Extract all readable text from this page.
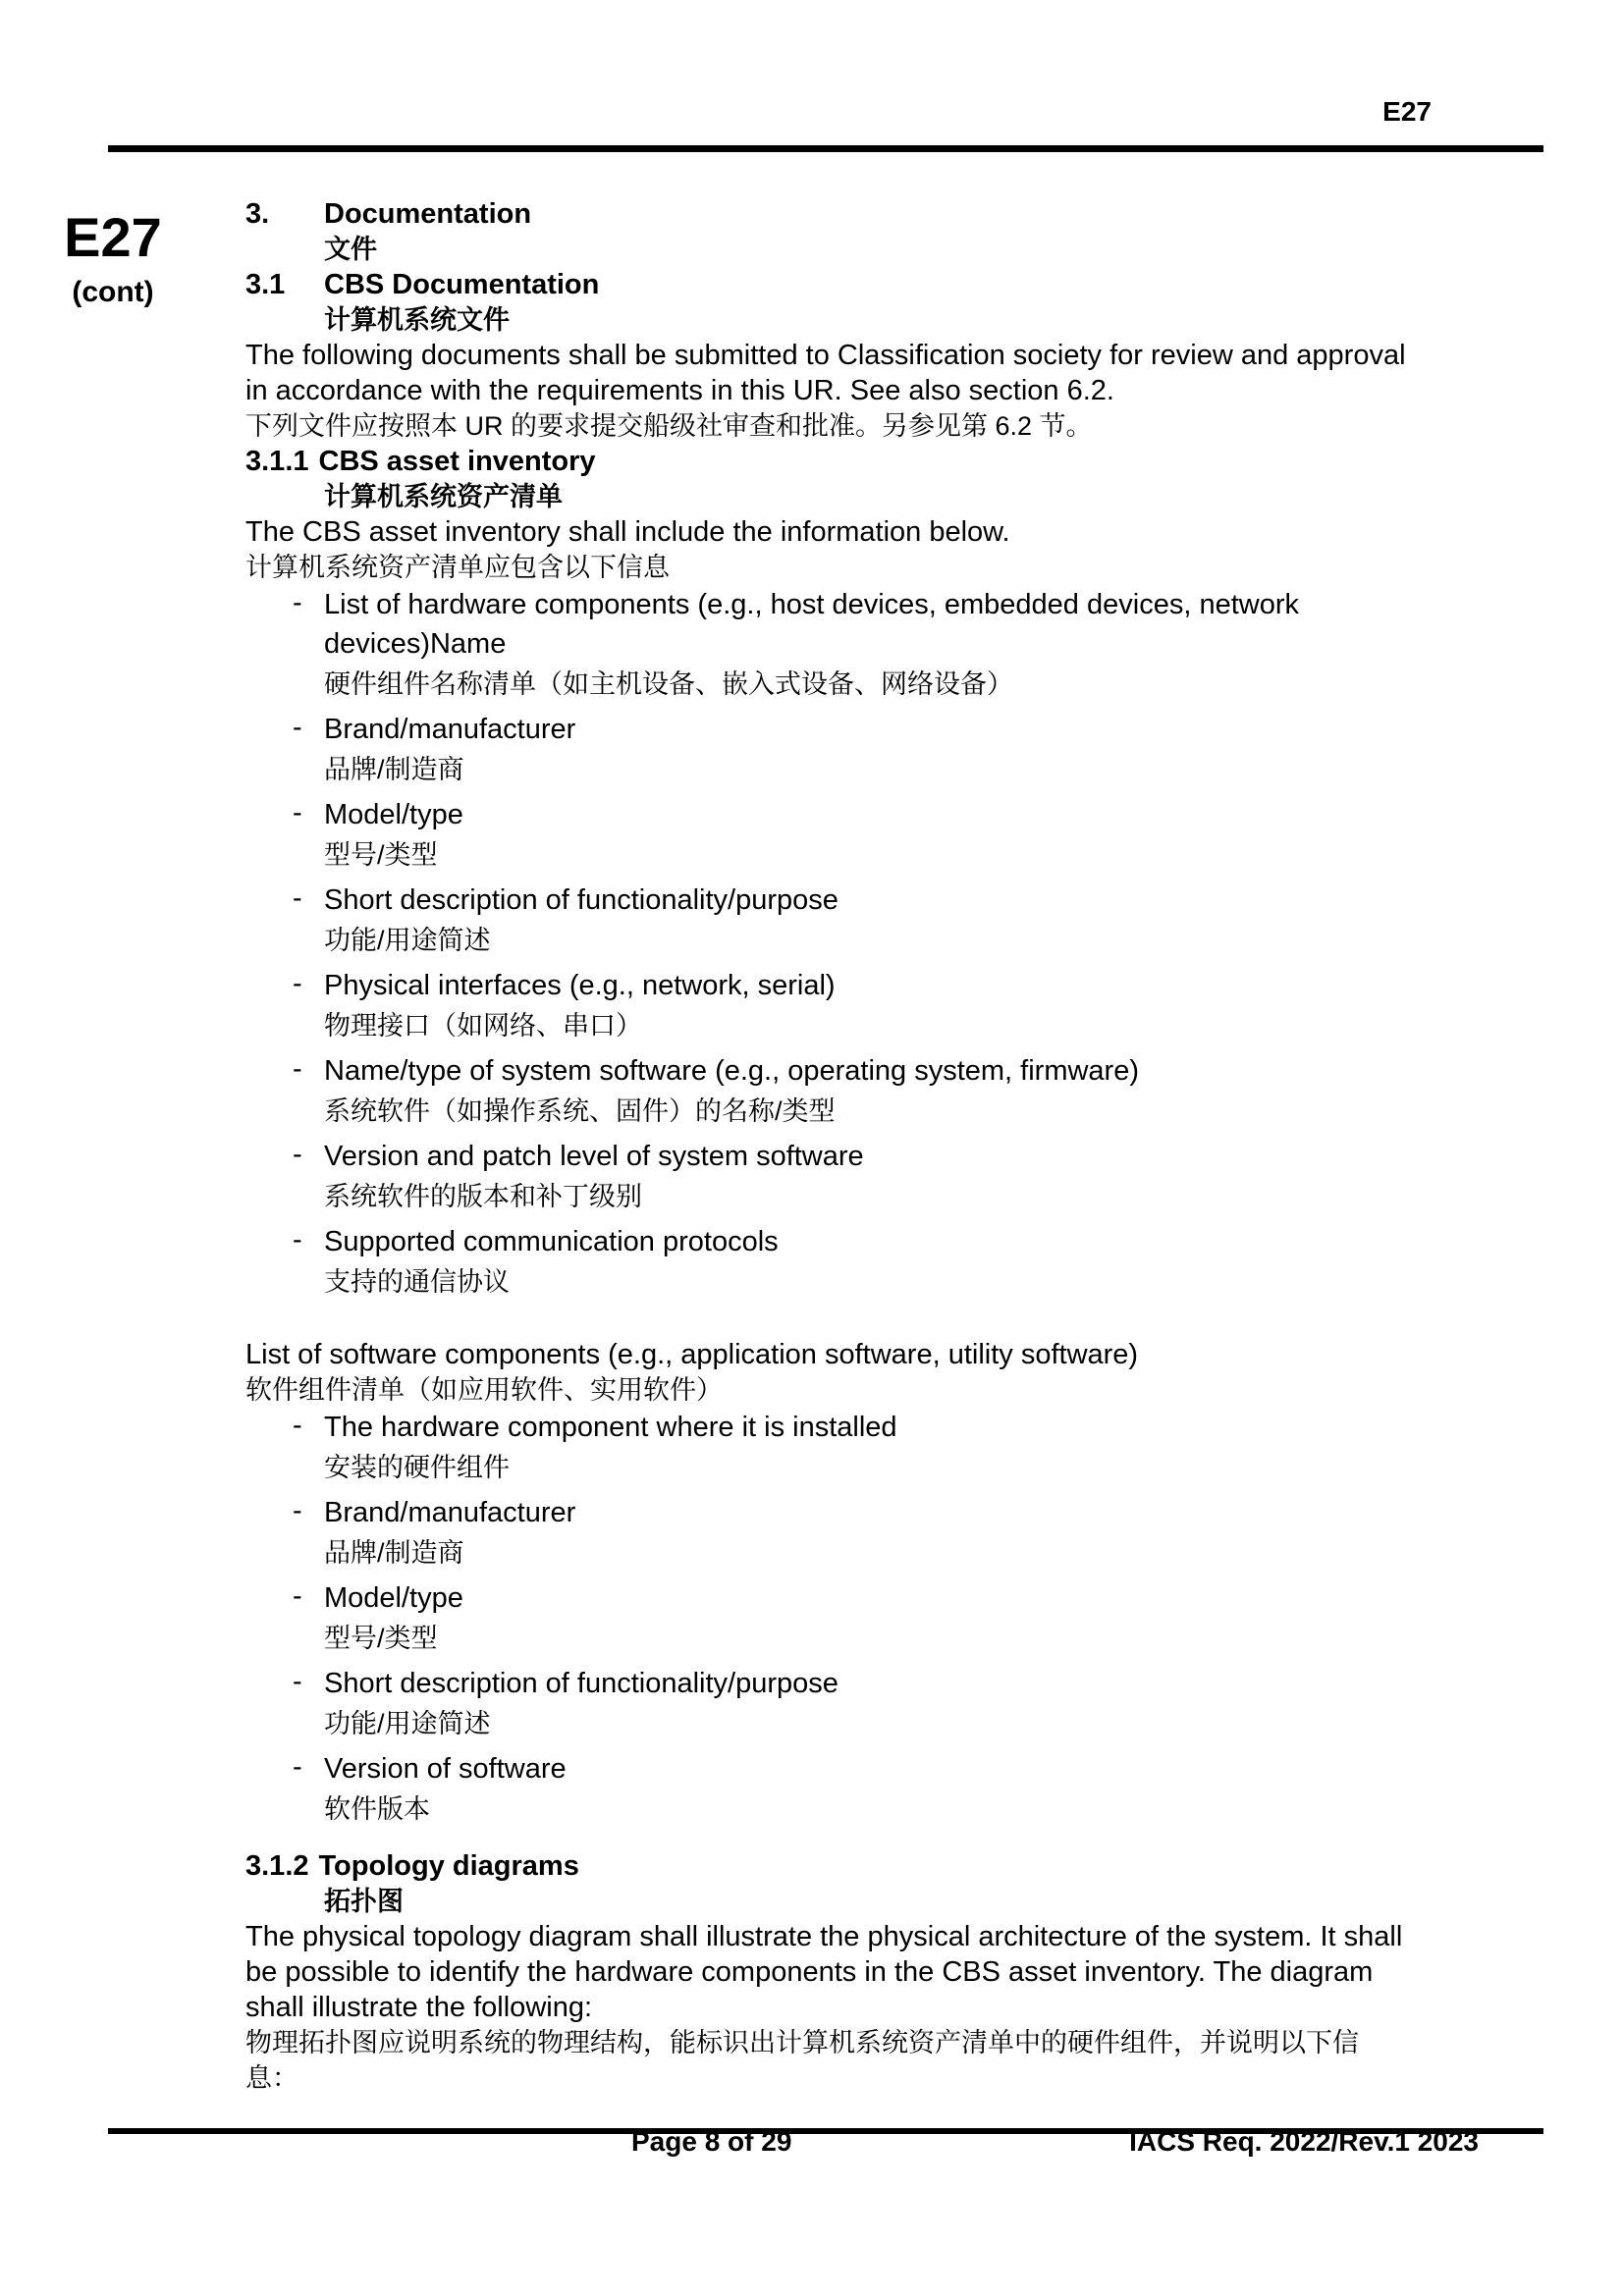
E27
E27
(cont)
3.	Documentation
文件
3.1	CBS Documentation
计算机系统文件
The following documents shall be submitted to Classification society for review and approval
in accordance with the requirements in this UR. See also section 6.2.
下列文件应按照本 UR 的要求提交船级社审查和批准。另参见第 6.2 节。
3.1.1 CBS asset inventory
计算机系统资产清单
The CBS asset inventory shall include the information below.
计算机系统资产清单应包含以下信息
- List of hardware components (e.g., host devices, embedded devices, network
devices)Name
硬件组件名称清单（如主机设备、嵌入式设备、网络设备）
- Brand/manufacturer
品牌/制造商
- Model/type
型号/类型
- Short description of functionality/purpose
功能/用途简述
- Physical interfaces (e.g., network, serial)
物理接口（如网络、串口）
- Name/type of system software (e.g., operating system, firmware)
系统软件（如操作系统、固件）的名称/类型
- Version and patch level of system software
系统软件的版本和补丁级别
- Supported communication protocols
支持的通信协议
List of software components (e.g., application software, utility software)
软件组件清单（如应用软件、实用软件）
- The hardware component where it is installed
安装的硬件组件
- Brand/manufacturer
品牌/制造商
- Model/type
型号/类型
- Short description of functionality/purpose
功能/用途简述
- Version of software
软件版本
3.1.2 Topology diagrams
拓扑图
The physical topology diagram shall illustrate the physical architecture of the system. It shall
be possible to identify the hardware components in the CBS asset inventory. The diagram
shall illustrate the following:
物理拓扑图应说明系统的物理结构，能标识出计算机系统资产清单中的硬件组件，并说明以下信
息：
Page 8 of 29	IACS Req. 2022/Rev.1 2023
